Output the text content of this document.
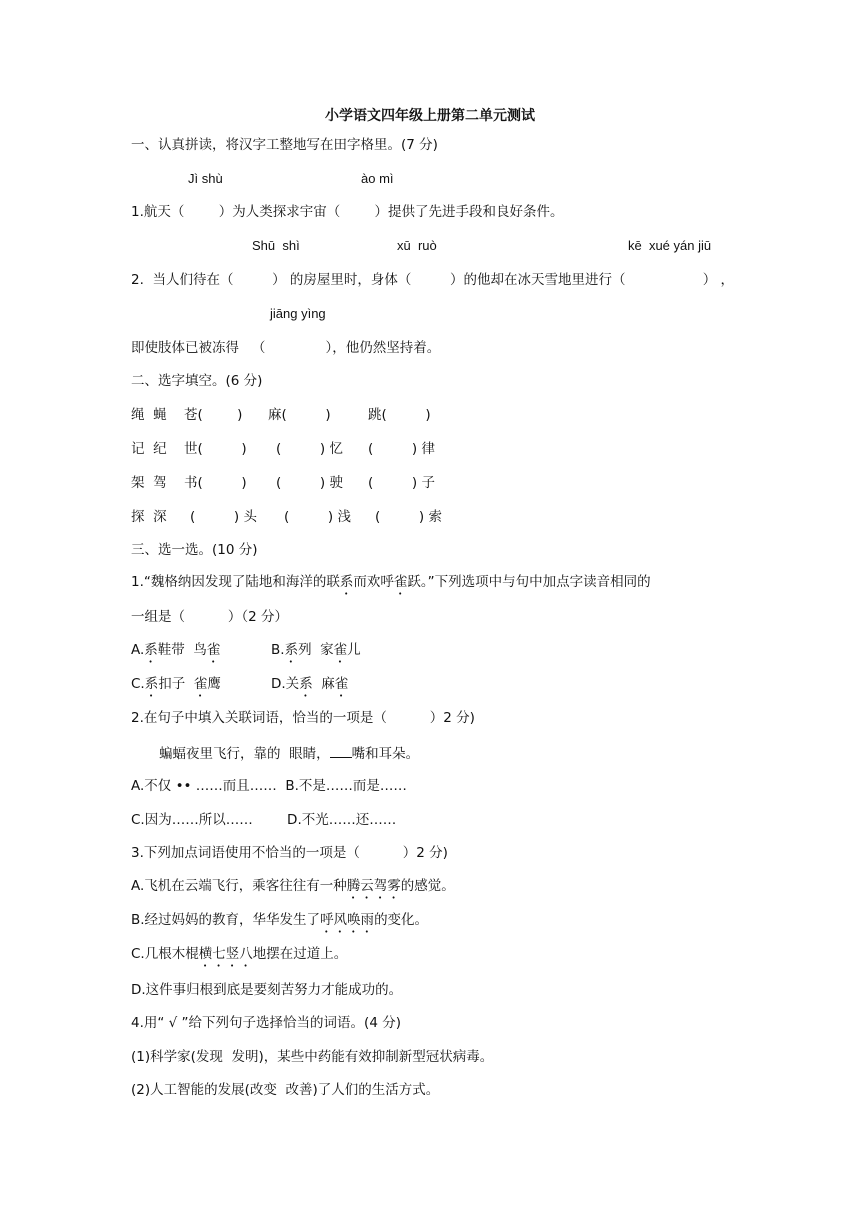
小学语文四年级上册第二单元测试
一、认真拼读，将汉字工整地写在田字格里。(7 分)
Jì shù	ào mì
1.航天（        ）为人类探求宇宙（        ）提供了先进手段和良好条件。
Shū  shì	xū  ruò	kē  xué yán jiū
2.  当人们待在（         ） 的房屋里时，身体（         ）的他却在冰天雪地里进行（                  ） ，
jiāng yìng
即使肢体已被冻得   （              ），他仍然坚持着。
二、选字填空。(6 分)
绳  蝇 苍(        ) 麻(         )	跳(         )
记  纪 世(         ) (         ) 忆 (         ) 律
架  驾 书(         ) (         ) 驶 (         ) 子
探  深 (         ) 头 (         ) 浅 (         ) 索
三、选一选。(10 分)
1.“魏格纳因发现了陆地和海洋的联系而欢呼雀跃。”下列选项中与句中加点字读音相同的
一组是（          ）（2 分）
A.系鞋带  鸟雀	B.系列  家雀儿
C.系扣子  雀鹰	D.关系  麻雀
2.在句子中填入关联词语，恰当的一项是（          ）2 分)
蝙蝠夜里飞行，靠的  眼睛， 嘴和耳朵。
A.不仅 •• ……而且……  B.不是……而是……
C.因为……所以……        D.不光……还……
3.下列加点词语使用不恰当的一项是（          ）2 分)
A.飞机在云端飞行，乘客往往有一种腾云驾雾的感觉。
B.经过妈妈的教育，华华发生了呼风唤雨的变化。
C.几根木棍横七竖八地摆在过道上。
D.这件事归根到底是要刻苦努力才能成功的。
4.用“ √ ”给下列句子选择恰当的词语。(4 分)
(1)科学家(发现  发明)，某些中药能有效抑制新型冠状病毒。
(2)人工智能的发展(改变  改善)了人们的生活方式。
